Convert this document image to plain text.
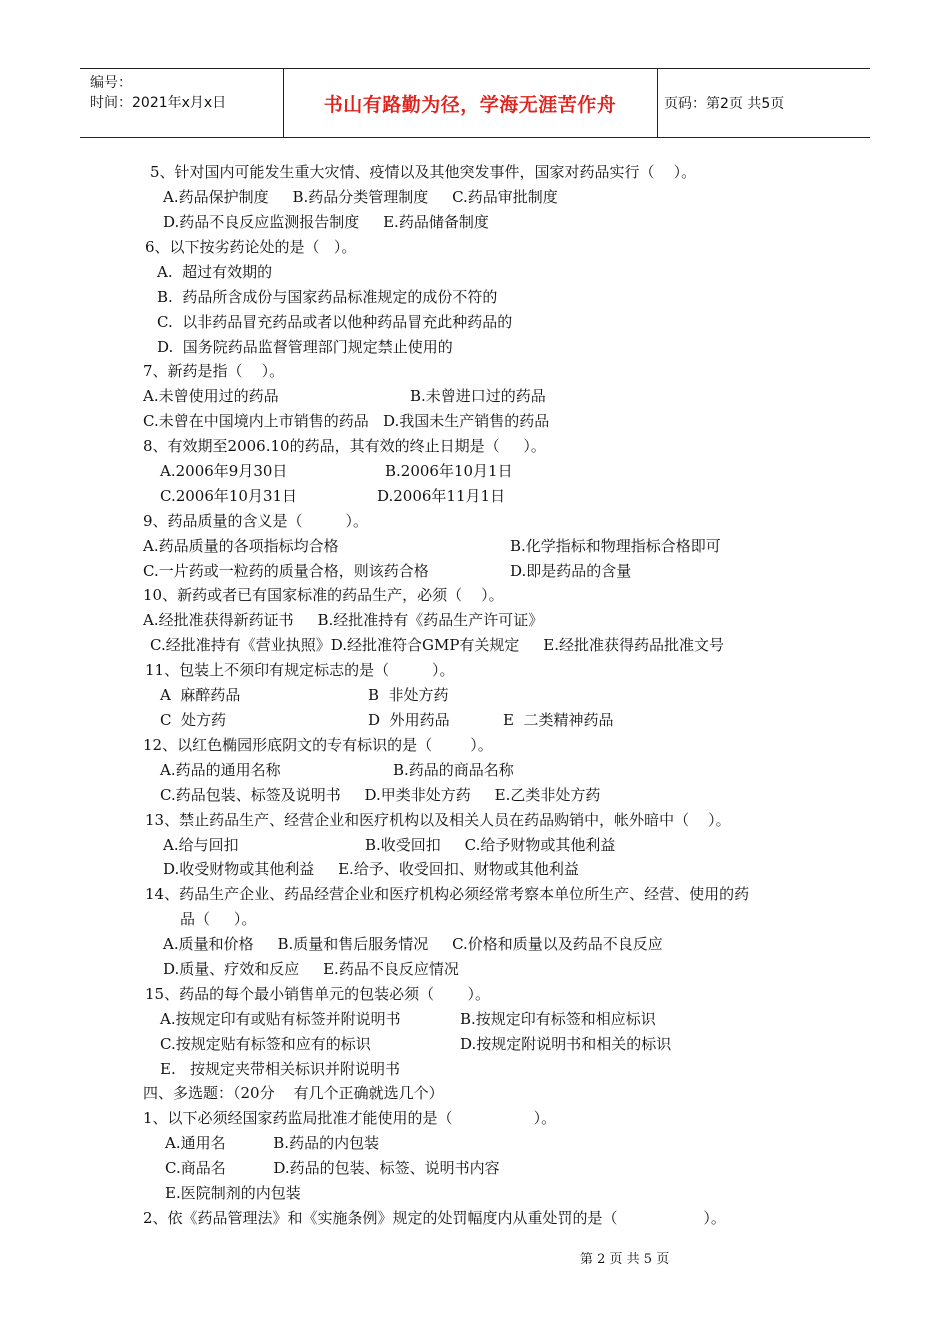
编号：
时间：2021年x月x日	书山有路勤为径，学海无涯苦作舟	页码：第2页 共5页
5、针对国内可能发生重大灾情、疫情以及其他突发事件，国家对药品实行（    ）。
A.药品保护制度     B.药品分类管理制度     C.药品审批制度
D.药品不良反应监测报告制度     E.药品储备制度
6、以下按劣药论处的是（   ）。
A.  超过有效期的
B.  药品所含成份与国家药品标准规定的成份不符的
C.  以非药品冒充药品或者以他种药品冒充此种药品的
D.  国务院药品监督管理部门规定禁止使用的
7、新药是指（    ）。
A.未曾使用过的药品	B.未曾进口过的药品
C.未曾在中国境内上市销售的药品   D.我国未生产销售的药品
8、有效期至2006.10的药品，其有效的终止日期是（     ）。
A.2006年9月30日	B.2006年10月1日
C.2006年10月31日	D.2006年11月1日
9、药品质量的含义是（         ）。
A.药品质量的各项指标均合格	B.化学指标和物理指标合格即可
C.一片药或一粒药的质量合格，则该药合格	D.即是药品的含量
10、新药或者已有国家标准的药品生产，必须（    ）。
A.经批准获得新药证书     B.经批准持有《药品生产许可证》
C.经批准持有《营业执照》D.经批准符合GMP有关规定     E.经批准获得药品批准文号
11、包装上不须印有规定标志的是（         ）。
A  麻醉药品	B  非处方药
C  处方药	D  外用药品	E  二类精神药品
12、以红色椭园形底阴文的专有标识的是（        ）。
A.药品的通用名称	B.药品的商品名称
C.药品包装、标签及说明书     D.甲类非处方药     E.乙类非处方药
13、禁止药品生产、经营企业和医疗机构以及相关人员在药品购销中，帐外暗中（    ）。
A.给与回扣	B.收受回扣     C.给予财物或其他利益
D.收受财物或其他利益     E.给予、收受回扣、财物或其他利益
14、药品生产企业、药品经营企业和医疗机构必须经常考察本单位所生产、经营、使用的药
品（     ）。
A.质量和价格     B.质量和售后服务情况     C.价格和质量以及药品不良反应
D.质量、疗效和反应     E.药品不良反应情况
15、药品的每个最小销售单元的包装必须（       ）。
A.按规定印有或贴有标签并附说明书	B.按规定印有标签和相应标识
C.按规定贴有标签和应有的标识	D.按规定附说明书和相关的标识
E.   按规定夹带相关标识并附说明书
四、多选题：（20分    有几个正确就选几个）
1、以下必须经国家药监局批准才能使用的是（                 ）。
A.通用名          B.药品的内包装
C.商品名          D.药品的包装、标签、说明书内容
E.医院制剂的内包装
2、依《药品管理法》和《实施条例》规定的处罚幅度内从重处罚的是（                  ）。
第 2 页 共 5 页
